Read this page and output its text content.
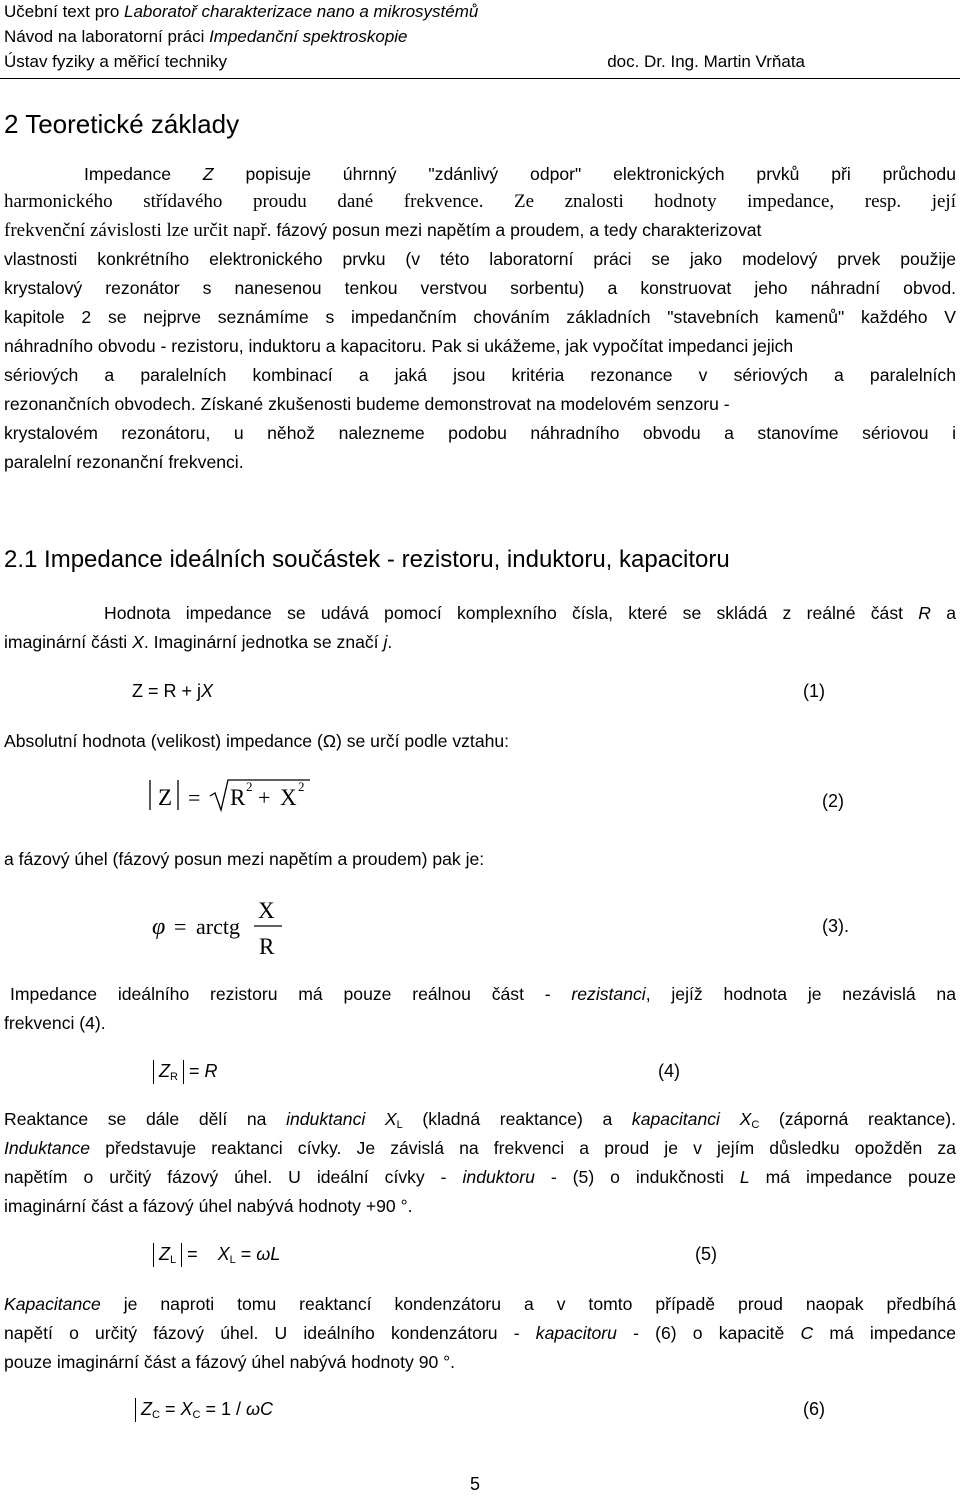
Učební text pro Laboratoř charakterizace nano a mikrosystémů
Návod na laboratorní práci Impedanční spektroskopie
Ústav fyziky a měřicí techniky	doc. Dr. Ing. Martin Vrňata
2 Teoretické základy
Impedance Z popisuje úhrnný "zdánlivý odpor" elektronických prvků při průchodu
harmonického střídavého proudu dané frekvence. Ze znalosti hodnoty impedance, resp. její
frekvenční závislosti lze určit např. fázový posun mezi napětím a proudem, a tedy charakterizovat
vlastnosti konkrétního elektronického prvku (v této laboratorní práci se jako modelový prvek použije
krystalový rezonátor s nanesenou tenkou verstvou sorbentu) a konstruovat jeho náhradní obvod.
kapitole 2 se nejprve seznámíme s impedančním chováním základních "stavebních kamenů" každého V
náhradního obvodu - rezistoru, induktoru a kapacitoru. Pak si ukážeme, jak vypočítat impedanci jejich
sériových a paralelních kombinací a jaká jsou kritéria rezonance v sériových a paralelních
rezonančních obvodech. Získané zkušenosti budeme demonstrovat na modelovém senzoru -
krystalovém rezonátoru, u něhož nalezneme podobu náhradního obvodu a stanovíme sériovou i
paralelní rezonanční frekvenci.
2.1 Impedance ideálních součástek - rezistoru, induktoru, kapacitoru
Hodnota impedance se udává pomocí komplexního čísla, které se skládá z reálné část R a
imaginární části X. Imaginární jednotka se značí j.
Z = R + jX	(1)
Absolutní hodnota (velikost) impedance (Ω) se určí podle vztahu:
Z = R 2 + X 2
(2)
a fázový úhel (fázový posun mezi napětím a proudem) pak je:
φ = arctg
X
R
(3).
Impedance ideálního rezistoru má pouze reálnou část - rezistanci, jejíž hodnota je nezávislá na
frekvenci (4).
$Z_R = R$	(4)
Reaktance se dále dělí na induktanci $X_L$ (kladná reaktance) a kapacitanci $X_C$ (záporná reaktance).
Induktance představuje reaktanci cívky. Je závislá na frekvenci a proud je v jejím důsledku opožděn za
napětím o určitý fázový úhel. U ideální cívky - induktoru - (5) o indukčnosti L má impedance pouze
imaginární část a fázový úhel nabývá hodnoty +90 °.
$Z_L$ =    $X_L = \omega L$	(5)
Kapacitance je naproti tomu reaktancí kondenzátoru a v tomto případě proud naopak předbíhá
napětí o určitý fázový úhel. U ideálního kondenzátoru - kapacitoru - (6) o kapacitě C má impedance
pouze imaginární část a fázový úhel nabývá hodnoty 90 °.
$Z_C = X_C = 1 / \omega C$	(6)
5
